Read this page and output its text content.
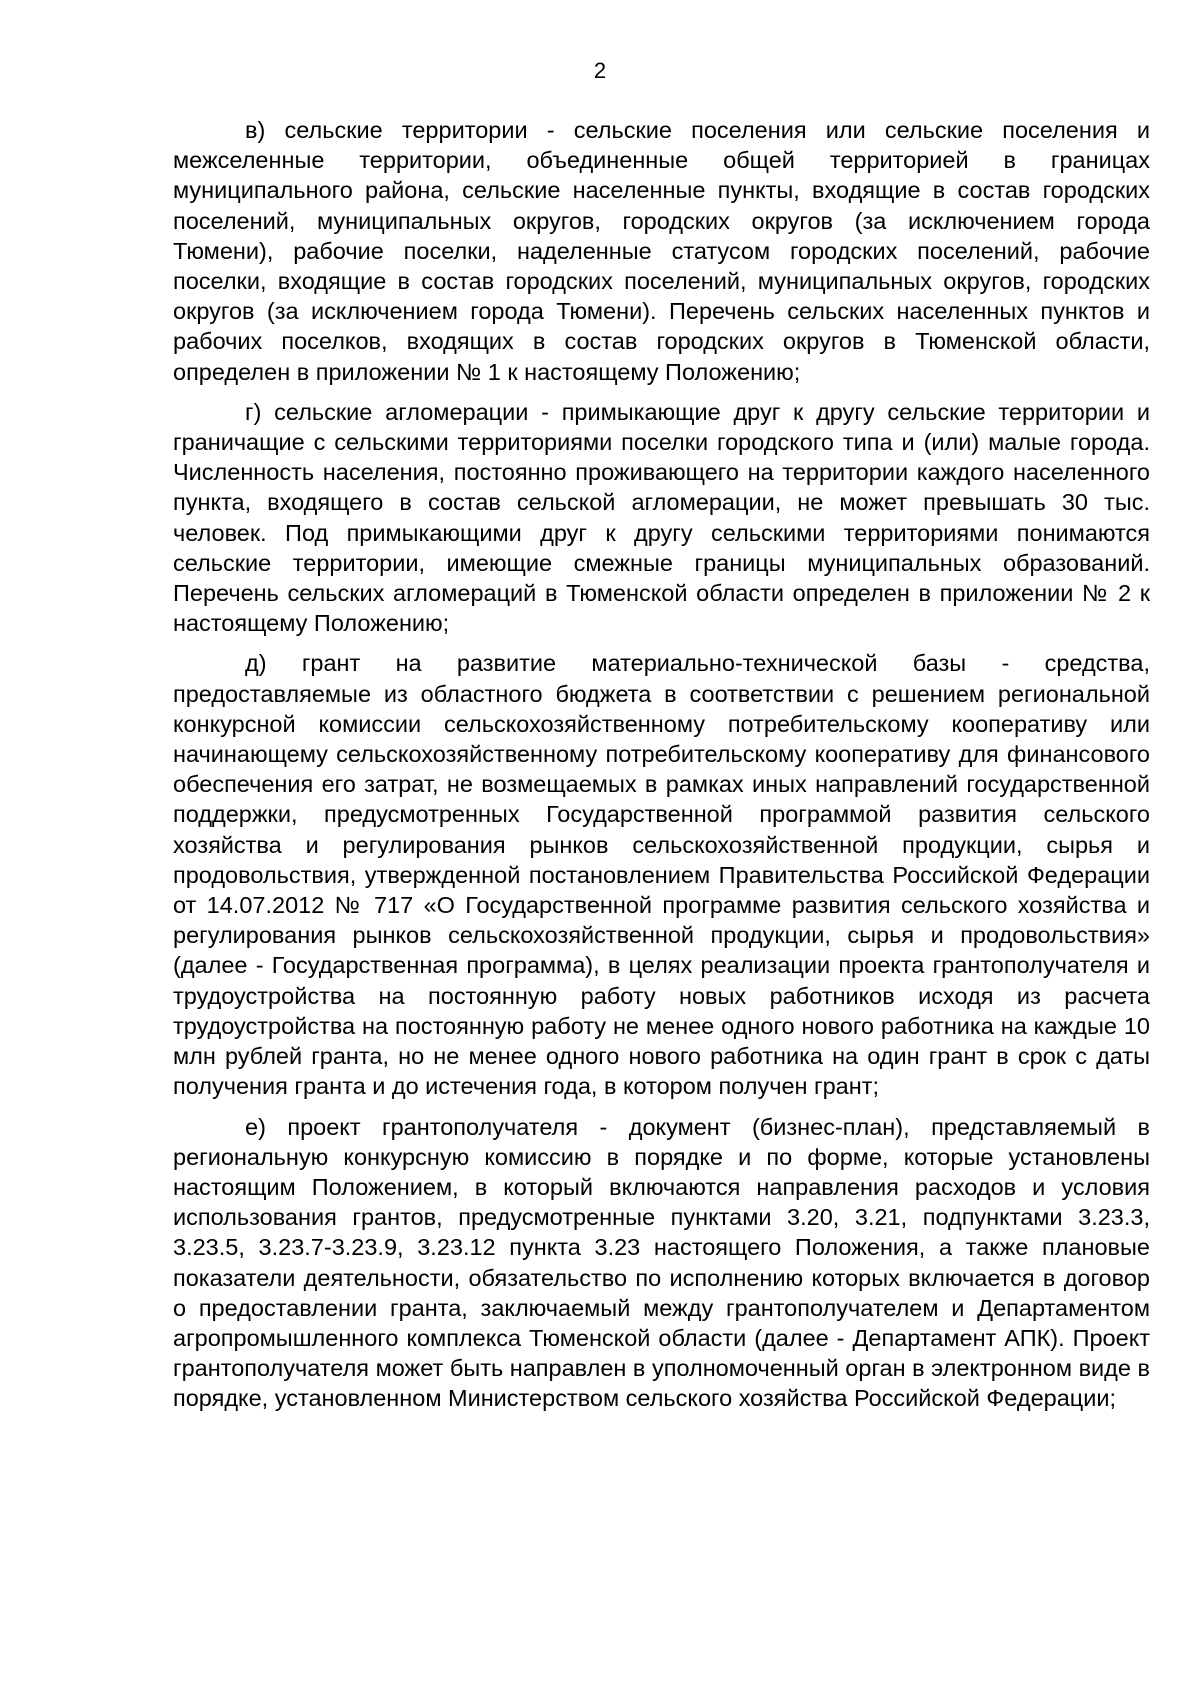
2

в) сельские территории - сельские поселения или сельские поселения и межселенные территории, объединенные общей территорией в границах муниципального района, сельские населенные пункты, входящие в состав городских поселений, муниципальных округов, городских округов (за исключением города Тюмени), рабочие поселки, наделенные статусом городских поселений, рабочие поселки, входящие в состав городских поселений, муниципальных округов, городских округов (за исключением города Тюмени). Перечень сельских населенных пунктов и рабочих поселков, входящих в состав городских округов в Тюменской области, определен в приложении № 1 к настоящему Положению;

г) сельские агломерации - примыкающие друг к другу сельские территории и граничащие с сельскими территориями поселки городского типа и (или) малые города. Численность населения, постоянно проживающего на территории каждого населенного пункта, входящего в состав сельской агломерации, не может превышать 30 тыс. человек. Под примыкающими друг к другу сельскими территориями понимаются сельские территории, имеющие смежные границы муниципальных образований. Перечень сельских агломераций в Тюменской области определен в приложении № 2 к настоящему Положению;

д) грант на развитие материально-технической базы - средства, предоставляемые из областного бюджета в соответствии с решением региональной конкурсной комиссии сельскохозяйственному потребительскому кооперативу или начинающему сельскохозяйственному потребительскому кооперативу для финансового обеспечения его затрат, не возмещаемых в рамках иных направлений государственной поддержки, предусмотренных Государственной программой развития сельского хозяйства и регулирования рынков сельскохозяйственной продукции, сырья и продовольствия, утвержденной постановлением Правительства Российской Федерации от 14.07.2012 № 717 «О Государственной программе развития сельского хозяйства и регулирования рынков сельскохозяйственной продукции, сырья и продовольствия» (далее - Государственная программа), в целях реализации проекта грантополучателя и трудоустройства на постоянную работу новых работников исходя из расчета трудоустройства на постоянную работу не менее одного нового работника на каждые 10 млн рублей гранта, но не менее одного нового работника на один грант в срок с даты получения гранта и до истечения года, в котором получен грант;

е) проект грантополучателя - документ (бизнес-план), представляемый в региональную конкурсную комиссию в порядке и по форме, которые установлены настоящим Положением, в который включаются направления расходов и условия использования грантов, предусмотренные пунктами 3.20, 3.21, подпунктами 3.23.3, 3.23.5, 3.23.7-3.23.9, 3.23.12 пункта 3.23 настоящего Положения, а также плановые показатели деятельности, обязательство по исполнению которых включается в договор о предоставлении гранта, заключаемый между грантополучателем и Департаментом агропромышленного комплекса Тюменской области (далее - Департамент АПК). Проект грантополучателя может быть направлен в уполномоченный орган в электронном виде в порядке, установленном Министерством сельского хозяйства Российской Федерации;
